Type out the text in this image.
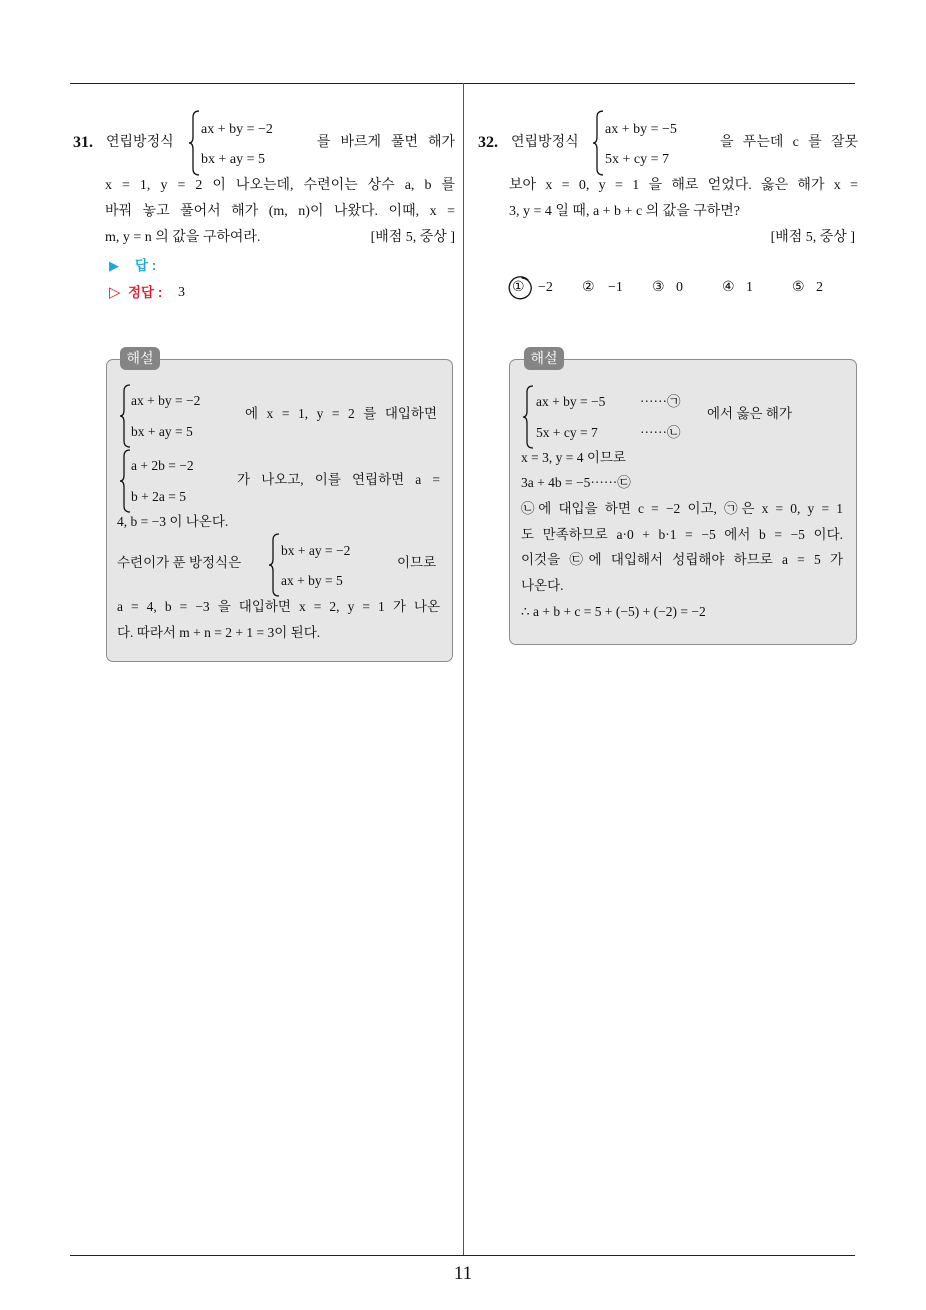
31. 연립방정식
ax + by = −2
bx + ay = 5
를 바르게 풀면 해가
x = 1, y = 2 이 나오는데, 수련이는 상수 a, b 를
바꿔 놓고 풀어서 해가 (m, n)이 나왔다. 이때, x =
m, y = n 의 값을 구하여라.	[배점 5, 중상 ]
▶ 답 :
▷ 정답 : 3
해설
ax + by = −2
bx + ay = 5
에 x = 1, y = 2 를 대입하면
a + 2b = −2
b + 2a = 5
가 나오고, 이를 연립하면 a =
4, b = −3 이 나온다.
수련이가 푼 방정식은
bx + ay = −2
ax + by = 5
이므로
a = 4, b = −3 을 대입하면 x = 2, y = 1 가 나온
다. 따라서 m + n = 2 + 1 = 3이 된다.
32. 연립방정식
ax + by = −5
5x + cy = 7
을 푸는데 c 를 잘못
보아 x = 0, y = 1 을 해로 얻었다. 옳은 해가 x =
3, y = 4 일 때, a + b + c 의 값을 구하면?
[배점 5, 중상 ]
① −2 ② −1 ③ 0	④ 1	⑤ 2
해설
ax + by = −5	······㉠
5x + cy = 7	······㉡
에서 옳은 해가
x = 3, y = 4 이므로
3a + 4b = −5······㉢
㉡에 대입을 하면 c = −2 이고, ㉠은 x = 0, y = 1
도 만족하므로 a·0 + b·1 = −5 에서 b = −5 이다.
이것을 ㉢에 대입해서 성립해야 하므로 a = 5 가
나온다.
∴ a + b + c = 5 + (−5) + (−2) = −2
11
